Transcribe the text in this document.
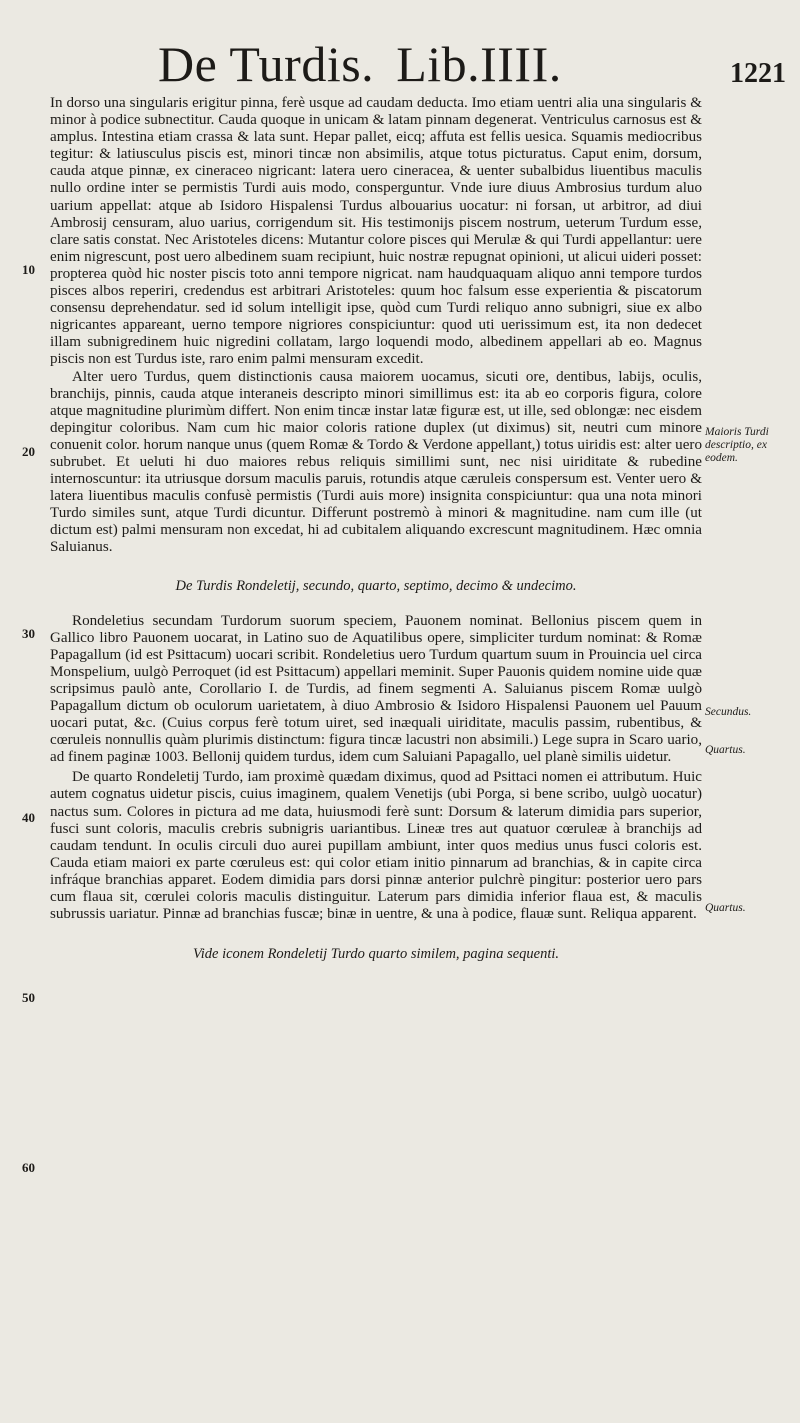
De Turdis. Lib.IIII.	1221

In dorso una singularis erigitur pinna, ferè usque ad caudam deducta. Imo etiam uentri alia una singularis & minor à podice subnectitur. Cauda quoque in unicam & latam pinnam degenerat. Ventriculus carnosus est & amplus. Intestina etiam crassa & lata sunt. Hepar pallet, eicq; affuta est fellis uesica. Squamis mediocribus tegitur: & latiusculus piscis est, minori tincæ non absimilis, atque totus picturatus. Caput enim, dorsum, cauda atque pinnæ, ex cineraceo nigricant: latera uero cineracea, & uenter subalbidus liuentibus maculis nullo ordine inter se permistis Turdi auis modo, consperguntur. Vnde iure diuus Ambrosius turdum aluo uarium appellat: atque ab Isidoro Hispalensi Turdus albouarius uocatur: ni forsan, ut arbitror, ad diui Ambrosij censuram, aluo uarius, corrigendum sit. His testimonijs piscem nostrum, ueterum Turdum esse, clare satis constat. Nec Aristoteles dicens: Mutantur colore pisces qui Merulæ & qui Turdi appellantur: uere enim nigrescunt, post uero albedinem suam recipiunt, huic nostræ repugnat opinioni, ut alicui uideri posset: propterea quòd hic noster piscis toto anni tempore nigricat. nam haudquaquam aliquo anni tempore turdos pisces albos reperiri, credendus est arbitrari Aristoteles: quum hoc falsum esse experientia & piscatorum consensu deprehendatur. sed id solum intelligit ipse, quòd cum Turdi reliquo anno subnigri, siue ex albo nigricantes appareant, uerno tempore nigriores conspiciuntur: quod uti uerissimum est, ita non dedecet illam subnigredinem huic nigredini collatam, largo loquendi modo, albedinem appellari ab eo. Magnus piscis non est Turdus iste, raro enim palmi mensuram excedit.

Alter uero Turdus, quem distinctionis causa maiorem uocamus, sicuti ore, dentibus, labijs, oculis, branchijs, pinnis, cauda atque interaneis descripto minori simillimus est: ita ab eo corporis figura, colore atque magnitudine plurimùm differt. Non enim tincæ instar latæ figuræ est, ut ille, sed oblongæ: nec eisdem depingitur coloribus. Nam cum hic maior coloris ratione duplex (ut diximus) sit, neutri cum minore conuenit color. horum nanque unus (quem Romæ & Tordo & Verdone appellant,) totus uiridis est: alter uero subrubet. Et ueluti hi duo maiores rebus reliquis simillimi sunt, nec nisi uiriditate & rubedine internoscuntur: ita utriusque dorsum maculis paruis, rotundis atque cæruleis conspersum est. Venter uero & latera liuentibus maculis confusè permistis (Turdi auis more) insignita conspiciuntur: qua una nota minori Turdo similes sunt, atque Turdi dicuntur. Differunt postremò à minori & magnitudine. nam cum ille (ut dictum est) palmi mensuram non excedat, hi ad cubitalem aliquando excrescunt magnitudinem. Hæc omnia Saluianus.

De Turdis Rondeletij, secundo, quarto, septimo, decimo & undecimo.

Rondeletius secundam Turdorum suorum speciem, Pauonem nominat. Bellonius piscem quem in Gallico libro Pauonem uocarat, in Latino suo de Aquatilibus opere, simpliciter turdum nominat: & Romæ Papagallum (id est Psittacum) uocari scribit. Rondeletius uero Turdum quartum suum in Prouincia uel circa Monspelium, uulgò Perroquet (id est Psittacum) appellari meminit. Super Pauonis quidem nomine uide quæ scripsimus paulò ante, Corollario I. de Turdis, ad finem segmenti A. Saluianus piscem Romæ uulgò Papagallum dictum ob oculorum uarietatem, à diuo Ambrosio & Isidoro Hispalensi Pauonem uel Pauum uocari putat, &c. (Cuius corpus ferè totum uiret, sed inæquali uiriditate, maculis passim, rubentibus, & cœruleis nonnullis quàm plurimis distinctum: figura tincæ lacustri non absimili.) Lege supra in Scaro uario, ad finem paginæ 1003. Bellonij quidem turdus, idem cum Saluiani Papagallo, uel planè similis uidetur.

De quarto Rondeletij Turdo, iam proximè quædam diximus, quod ad Psittaci nomen ei attributum. Huic autem cognatus uidetur piscis, cuius imaginem, qualem Venetijs (ubi Porga, si bene scribo, uulgò uocatur) nactus sum. Colores in pictura ad me data, huiusmodi ferè sunt: Dorsum & laterum dimidia pars superior, fusci sunt coloris, maculis crebris subnigris uariantibus. Lineæ tres aut quatuor cœruleæ à branchijs ad caudam tendunt. In oculis circuli duo aurei pupillam ambiunt, inter quos medius unus fusci coloris est. Cauda etiam maiori ex parte cœruleus est: qui color etiam initio pinnarum ad branchias, & in capite circa infráque branchias apparet. Eodem dimidia pars dorsi pinnæ anterior pulchrè pingitur: posterior uero pars cum flaua sit, cœrulei coloris maculis distinguitur. Laterum pars dimidia inferior flaua est, & maculis subrussis uariatur. Pinnæ ad branchias fuscæ; binæ in uentre, & una à podice, flauæ sunt. Reliqua apparent.

Vide iconem Rondeletij Turdo quarto similem, pagina sequenti.

10
20
30
40
50
60
Maioris Turdi descriptio, ex eodem.
Secundus.
Quartus.
Quartus.
